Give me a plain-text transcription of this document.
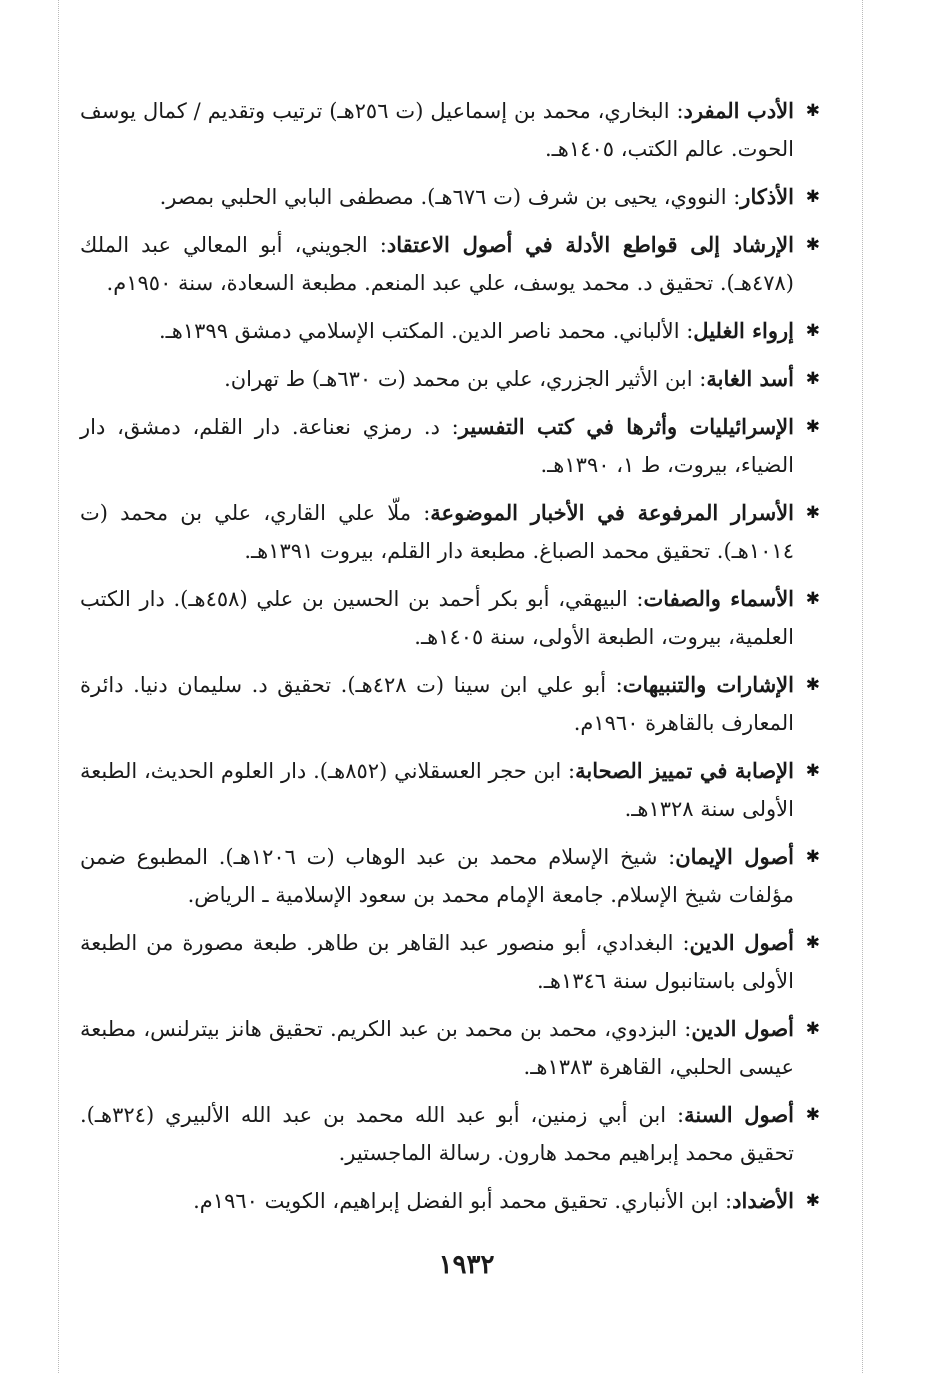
✱
الأدب المفرد: البخاري، محمد بن إسماعيل (ت ٢٥٦هـ) ترتيب وتقديم / كمال يوسف الحوت. عالم الكتب، ١٤٠٥هـ.
✱
الأذكار: النووي، يحيى بن شرف (ت ٦٧٦هـ). مصطفى البابي الحلبي بمصر.
✱
الإرشاد إلى قواطع الأدلة في أصول الاعتقاد: الجويني، أبو المعالي عبد الملك (٤٧٨هـ). تحقيق د. محمد يوسف، علي عبد المنعم. مطبعة السعادة، سنة ١٩٥٠م.
✱
إرواء الغليل: الألباني. محمد ناصر الدين. المكتب الإسلامي دمشق ١٣٩٩هـ.
✱
أسد الغابة: ابن الأثير الجزري، علي بن محمد (ت ٦٣٠هـ) ط تهران.
✱
الإسرائيليات وأثرها في كتب التفسير: د. رمزي نعناعة. دار القلم، دمشق، دار الضياء، بيروت، ط ١، ١٣٩٠هـ.
✱
الأسرار المرفوعة في الأخبار الموضوعة: ملّا علي القاري، علي بن محمد (ت ١٠١٤هـ). تحقيق محمد الصباغ. مطبعة دار القلم، بيروت ١٣٩١هـ.
✱
الأسماء والصفات: البيهقي، أبو بكر أحمد بن الحسين بن علي (٤٥٨هـ). دار الكتب العلمية، بيروت، الطبعة الأولى، سنة ١٤٠٥هـ.
✱
الإشارات والتنبيهات: أبو علي ابن سينا (ت ٤٢٨هـ). تحقيق د. سليمان دنيا. دائرة المعارف بالقاهرة ١٩٦٠م.
✱
الإصابة في تمييز الصحابة: ابن حجر العسقلاني (٨٥٢هـ). دار العلوم الحديث، الطبعة الأولى سنة ١٣٢٨هـ.
✱
أصول الإيمان: شيخ الإسلام محمد بن عبد الوهاب (ت ١٢٠٦هـ). المطبوع ضمن مؤلفات شيخ الإسلام. جامعة الإمام محمد بن سعود الإسلامية ـ الرياض.
✱
أصول الدين: البغدادي، أبو منصور عبد القاهر بن طاهر. طبعة مصورة من الطبعة الأولى باستانبول سنة ١٣٤٦هـ.
✱
أصول الدين: البزدوي، محمد بن محمد بن عبد الكريم. تحقيق هانز بيترلنس، مطبعة عيسى الحلبي، القاهرة ١٣٨٣هـ.
✱
أصول السنة: ابن أبي زمنين، أبو عبد الله محمد بن عبد الله الألبيري (٣٢٤هـ). تحقيق محمد إبراهيم محمد هارون. رسالة الماجستير.
✱
الأضداد: ابن الأنباري. تحقيق محمد أبو الفضل إبراهيم، الكويت ١٩٦٠م.
١٩٣٢
